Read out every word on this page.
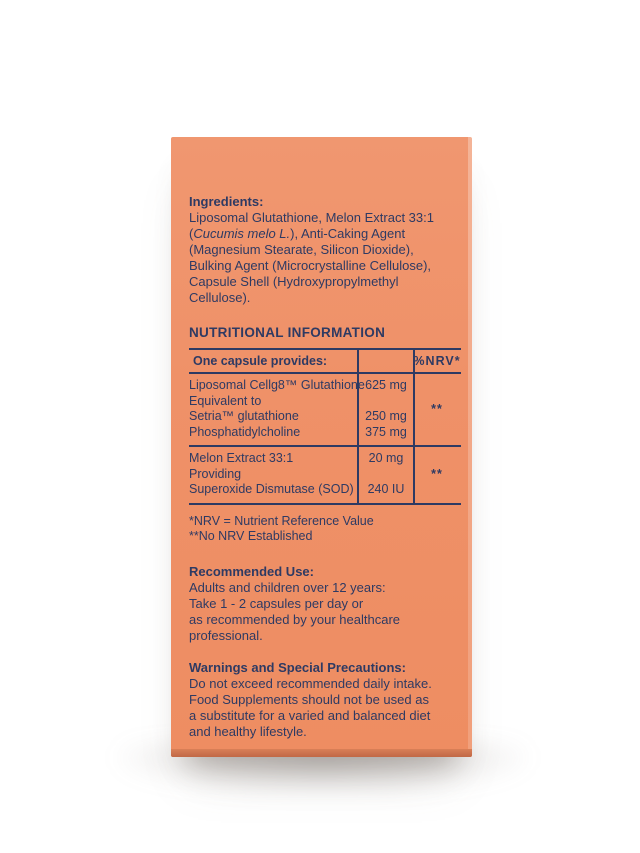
Ingredients:
Liposomal Glutathione, Melon Extract 33:1
(Cucumis melo L.), Anti-Caking Agent
(Magnesium Stearate, Silicon Dioxide),
Bulking Agent (Microcrystalline Cellulose),
Capsule Shell (Hydroxypropylmethyl
Cellulose).
NUTRITIONAL INFORMATION
One capsule provides:	%NRV*
Liposomal Cellg8™ Glutathione
Equivalent to
Setria™ glutathione
Phosphatidylcholine
625 mg
250 mg
375 mg
**
Melon Extract 33:1
Providing
Superoxide Dismutase (SOD)
20 mg
240 IU
**
*NRV = Nutrient Reference Value
**No NRV Established
Recommended Use:
Adults and children over 12 years:
Take 1 - 2 capsules per day or
as recommended by your healthcare
professional.
Warnings and Special Precautions:
Do not exceed recommended daily intake.
Food Supplements should not be used as
a substitute for a varied and balanced diet
and healthy lifestyle.
